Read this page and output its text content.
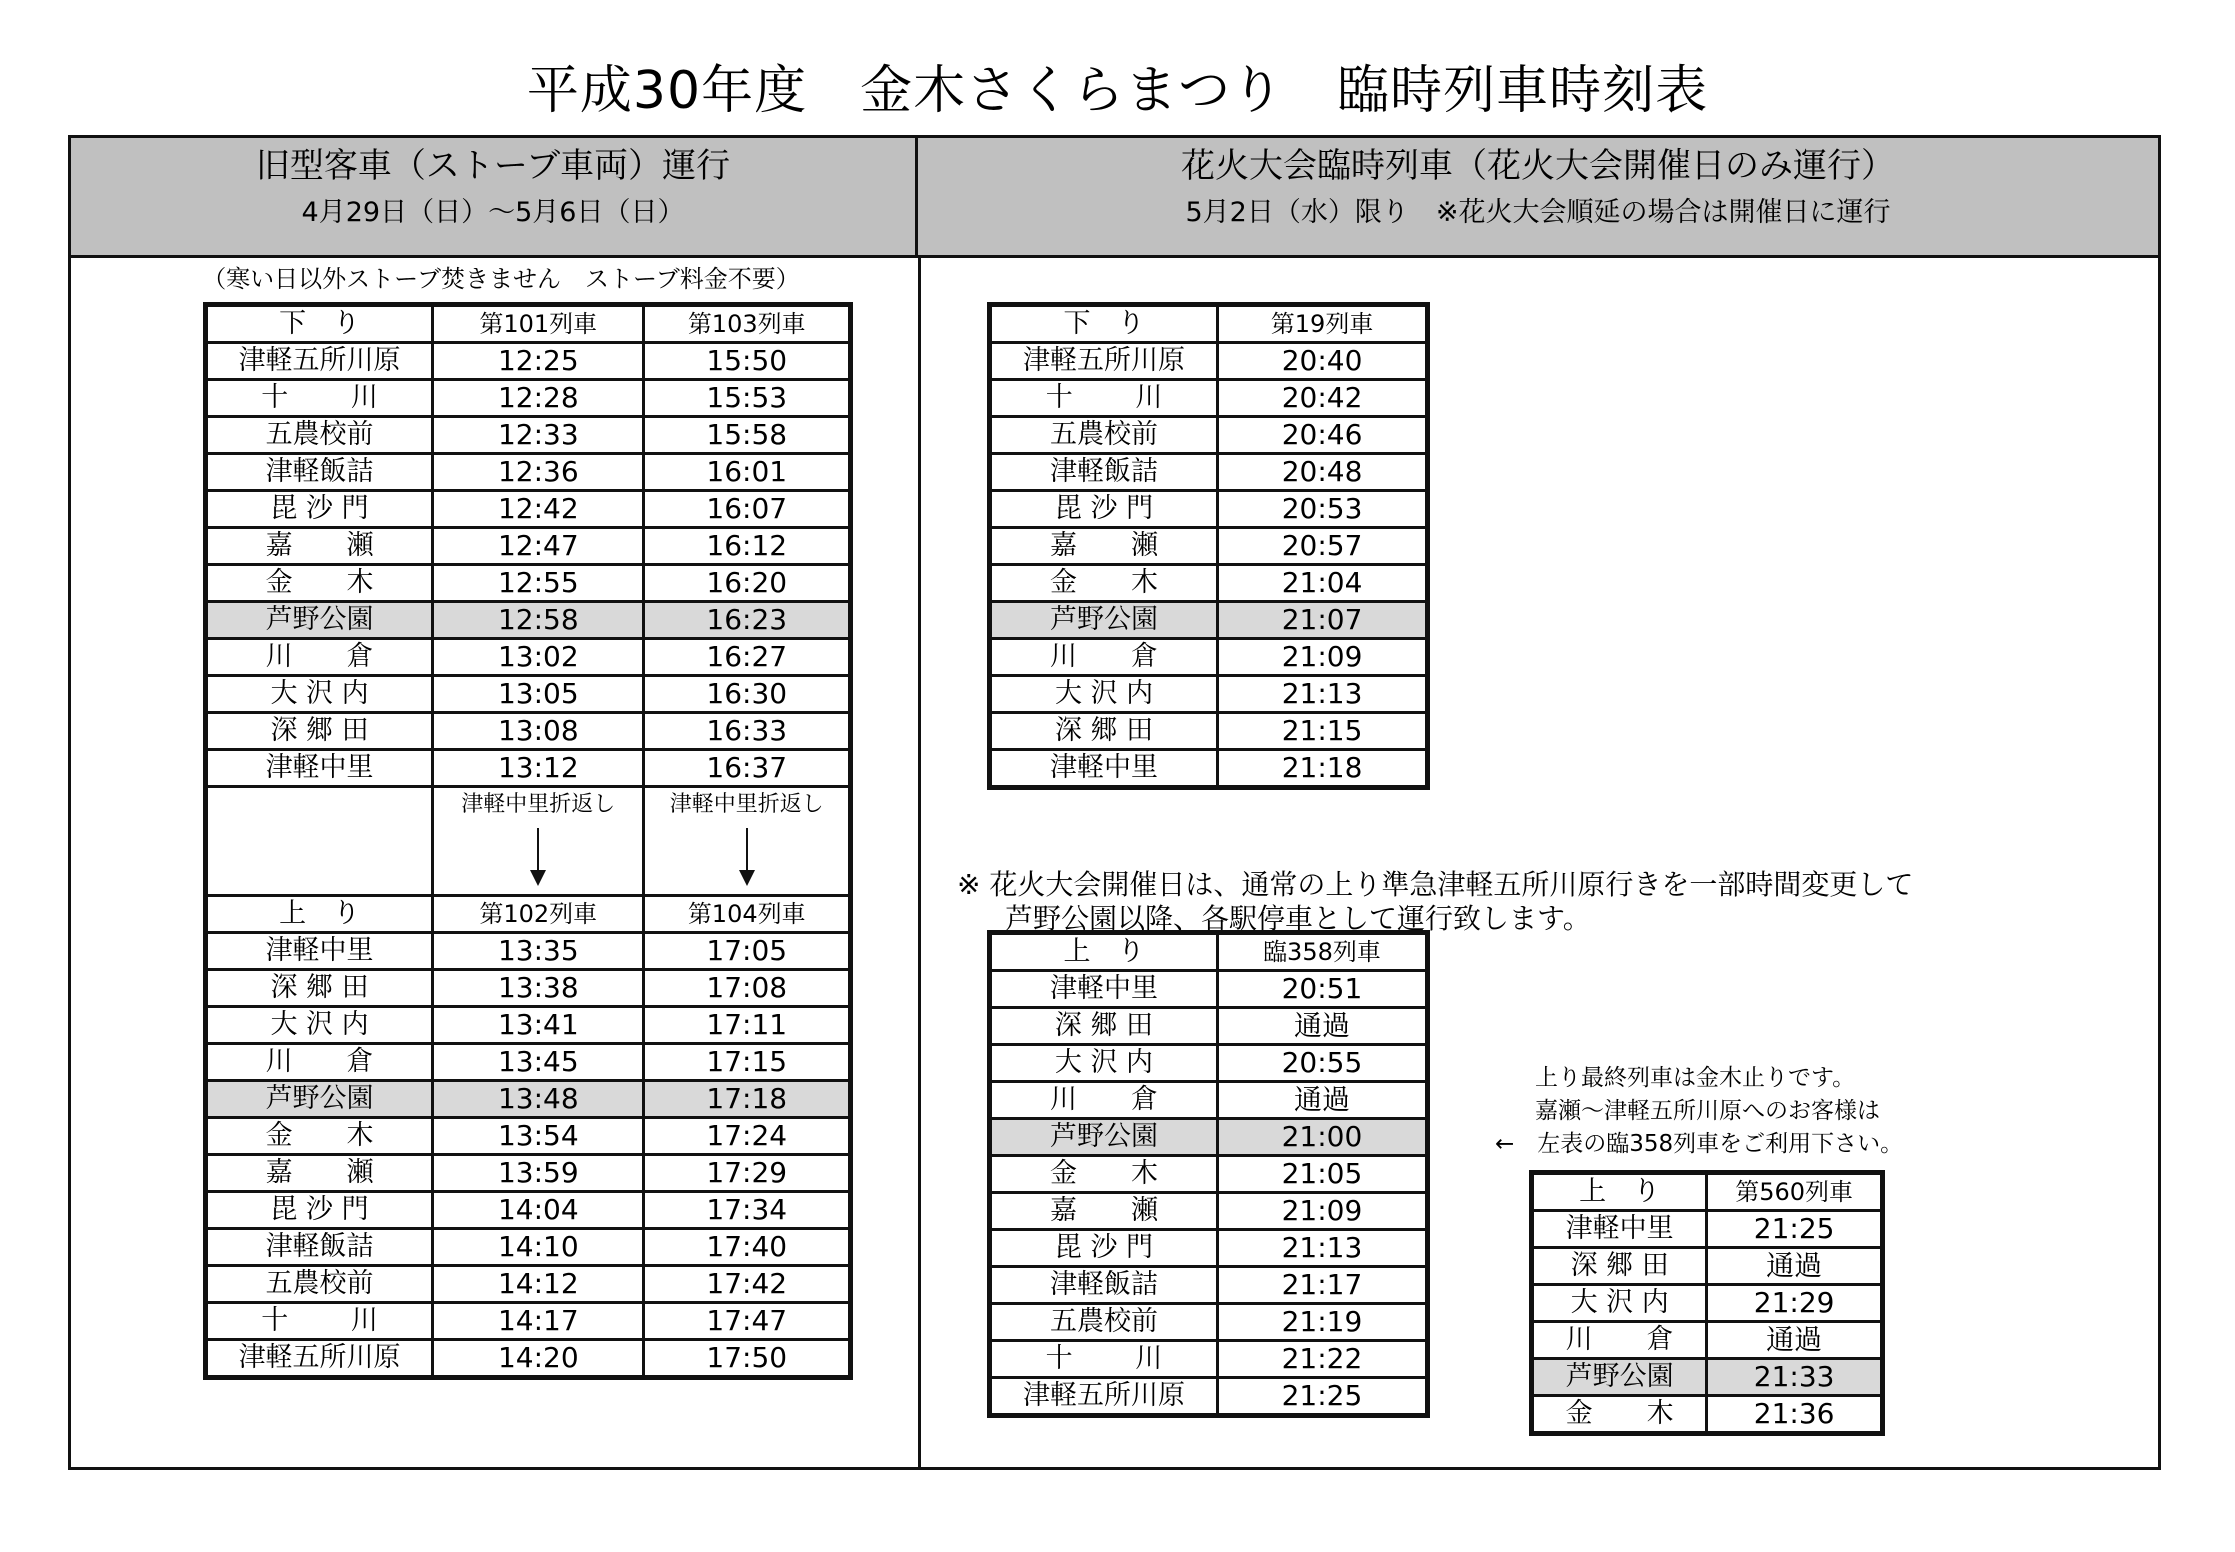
平成30年度　金木さくらまつり　臨時列車時刻表
旧型客車（ストーブ車両）運行
4月29日（日）～5月6日（日）
花火大会臨時列車（花火大会開催日のみ運行）
5月2日（水）限り　※花火大会順延の場合は開催日に運行
（寒い日以外ストーブ焚きません　ストーブ料金不要）
下　り	第101列車	第103列車
津軽五所川原	12:25	15:50
十　　 川	12:28	15:53
五農校前	12:33	15:58
津軽飯詰	12:36	16:01
毘 沙 門	12:42	16:07
嘉　　瀬	12:47	16:12
金　　木	12:55	16:20
芦野公園	12:58	16:23
川　　倉	13:02	16:27
大 沢 内	13:05	16:30
深 郷 田	13:08	16:33
津軽中里	13:12	16:37

	津軽中里折返し	津軽中里折返し

上　り	第102列車	第104列車
津軽中里	13:35	17:05
深 郷 田	13:38	17:08
大 沢 内	13:41	17:11
川　　倉	13:45	17:15
芦野公園	13:48	17:18
金　　木	13:54	17:24
嘉　　瀬	13:59	17:29
毘 沙 門	14:04	17:34
津軽飯詰	14:10	17:40
五農校前	14:12	17:42
十　　 川	14:17	17:47
津軽五所川原	14:20	17:50
下　り	第19列車
津軽五所川原	20:40
十　　 川	20:42
五農校前	20:46
津軽飯詰	20:48
毘 沙 門	20:53
嘉　　瀬	20:57
金　　木	21:04
芦野公園	21:07
川　　倉	21:09
大 沢 内	21:13
深 郷 田	21:15
津軽中里	21:18
※ 花火大会開催日は、通常の上り準急津軽五所川原行きを一部時間変更して
芦野公園以降、各駅停車として運行致します。
上　り	臨358列車
津軽中里	20:51
深 郷 田	通過
大 沢 内	20:55
川　　倉	通過
芦野公園	21:00
金　　木	21:05
嘉　　瀬	21:09
毘 沙 門	21:13
津軽飯詰	21:17
五農校前	21:19
十　　 川	21:22
津軽五所川原	21:25
上り最終列車は金木止りです。
嘉瀬～津軽五所川原へのお客様は
←　左表の臨358列車をご利用下さい。
上　り	第560列車
津軽中里	21:25
深 郷 田	通過
大 沢 内	21:29
川　　倉	通過
芦野公園	21:33
金　　木	21:36
